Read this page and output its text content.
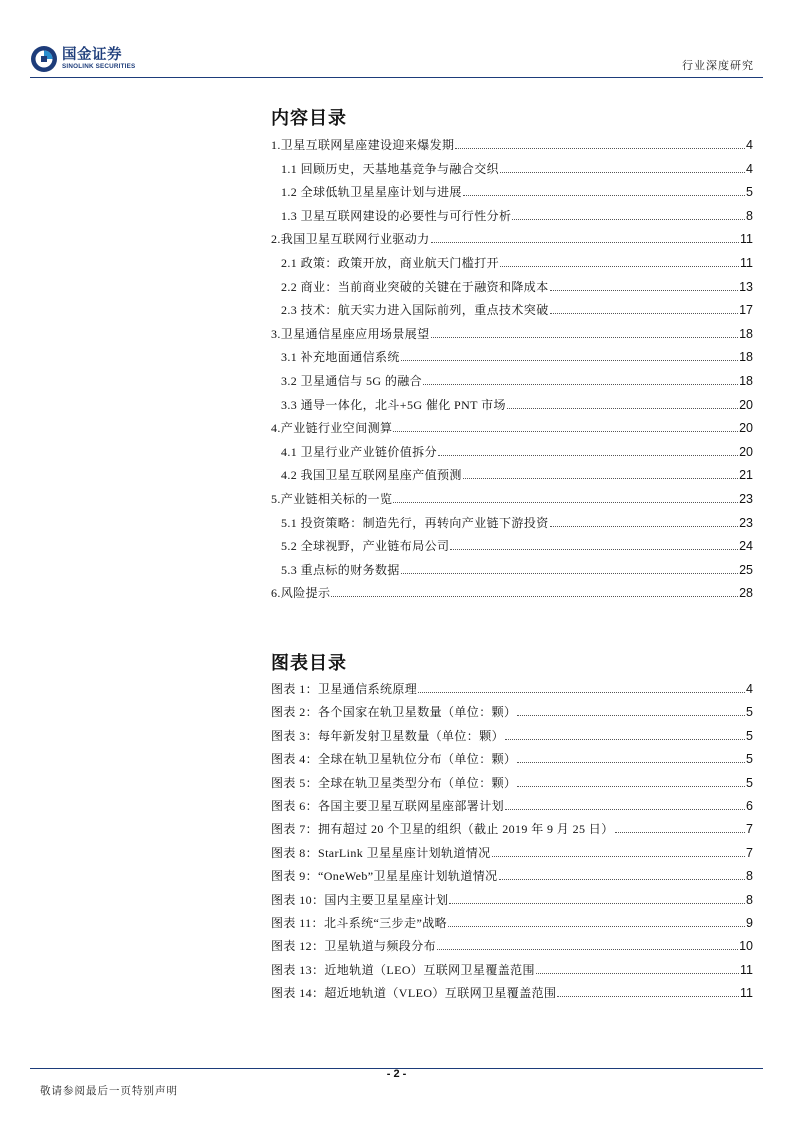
国金证券
SINOLINK SECURITIES	行业深度研究
内容目录
1.卫星互联网星座建设迎来爆发期	4
1.1 回顾历史，天基地基竞争与融合交织	4
1.2 全球低轨卫星星座计划与进展	5
1.3 卫星互联网建设的必要性与可行性分析	8
2.我国卫星互联网行业驱动力	11
2.1 政策：政策开放，商业航天门槛打开	11
2.2 商业：当前商业突破的关键在于融资和降成本	13
2.3 技术：航天实力进入国际前列，重点技术突破	17
3.卫星通信星座应用场景展望	18
3.1 补充地面通信系统	18
3.2 卫星通信与 5G 的融合	18
3.3 通导一体化，北斗+5G 催化 PNT 市场	20
4.产业链行业空间测算	20
4.1 卫星行业产业链价值拆分	20
4.2 我国卫星互联网星座产值预测	21
5.产业链相关标的一览	23
5.1 投资策略：制造先行，再转向产业链下游投资	23
5.2 全球视野，产业链布局公司	24
5.3 重点标的财务数据	25
6.风险提示	28
图表目录
图表 1：卫星通信系统原理	4
图表 2：各个国家在轨卫星数量（单位：颗）	5
图表 3：每年新发射卫星数量（单位：颗）	5
图表 4：全球在轨卫星轨位分布（单位：颗）	5
图表 5：全球在轨卫星类型分布（单位：颗）	5
图表 6：各国主要卫星互联网星座部署计划	6
图表 7：拥有超过 20 个卫星的组织（截止 2019 年 9 月 25 日）	7
图表 8：StarLink 卫星星座计划轨道情况	7
图表 9：“OneWeb”卫星星座计划轨道情况	8
图表 10：国内主要卫星星座计划	8
图表 11：北斗系统“三步走”战略	9
图表 12：卫星轨道与频段分布	10
图表 13：近地轨道（LEO）互联网卫星覆盖范围	11
图表 14：超近地轨道（VLEO）互联网卫星覆盖范围	11
- 2 -
敬请参阅最后一页特别声明
